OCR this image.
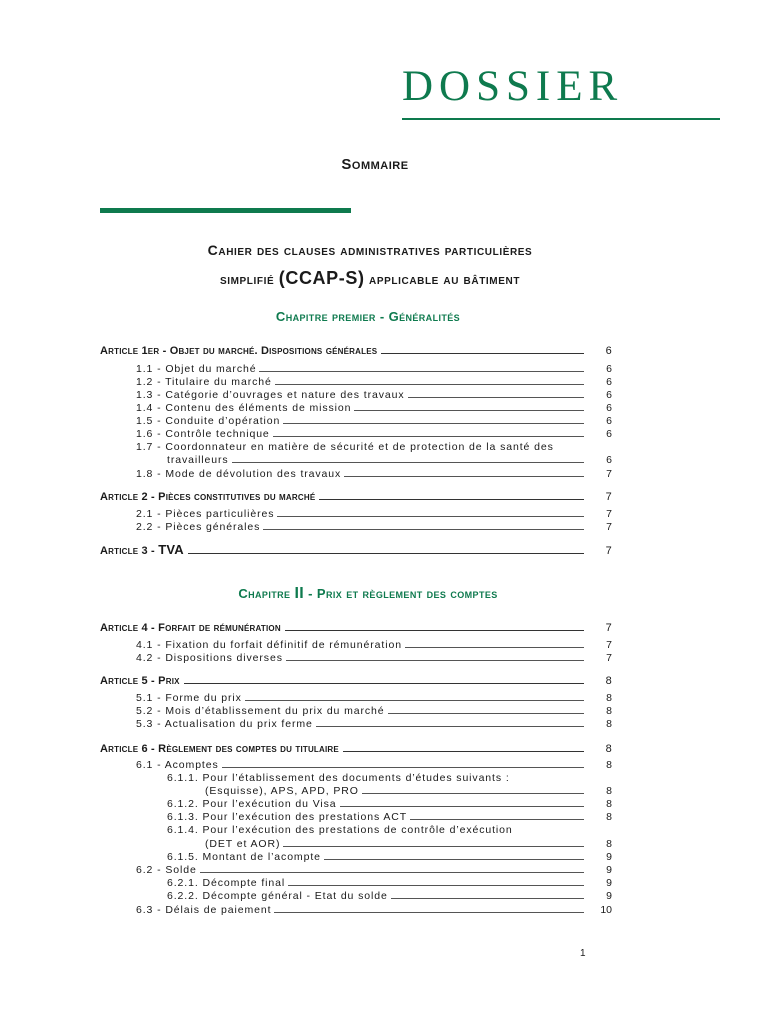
DOSSIER
Sommaire
Cahier des clauses administratives particulières
simplifié (CCAP-S) applicable au bâtiment
Chapitre premier - Généralités
Article 1er - Objet du marché. Dispositions générales	6
1.1 - Objet du marché	6
1.2 - Titulaire du marché	6
1.3 - Catégorie d’ouvrages et nature des travaux	6
1.4 - Contenu des éléments de mission	6
1.5 - Conduite d’opération	6
1.6 - Contrôle technique	6
1.7 - Coordonnateur en matière de sécurité et de protection de la santé des
travailleurs	6
1.8 - Mode de dévolution des travaux	7
Article 2 - Pièces constitutives du marché	7
2.1 - Pièces particulières	7
2.2 - Pièces générales	7
Article 3 - TVA	7
Chapitre II - Prix et règlement des comptes
Article 4 - Forfait de rémunération	7
4.1 - Fixation du forfait définitif de rémunération	7
4.2 - Dispositions diverses	7
Article 5 - Prix	8
5.1 - Forme du prix	8
5.2 - Mois d’établissement du prix du marché	8
5.3 - Actualisation du prix ferme	8
Article 6 - Règlement des comptes du titulaire	8
6.1 - Acomptes	8
6.1.1. Pour l’établissement des documents d’études suivants :
(Esquisse), APS, APD, PRO	8
6.1.2. Pour l’exécution du Visa	8
6.1.3. Pour l’exécution des prestations ACT	8
6.1.4. Pour l’exécution des prestations de contrôle d’exécution
(DET et AOR)	8
6.1.5. Montant de l’acompte	9
6.2 - Solde	9
6.2.1. Décompte final	9
6.2.2. Décompte général - Etat du solde	9
6.3 - Délais de paiement	10

1
